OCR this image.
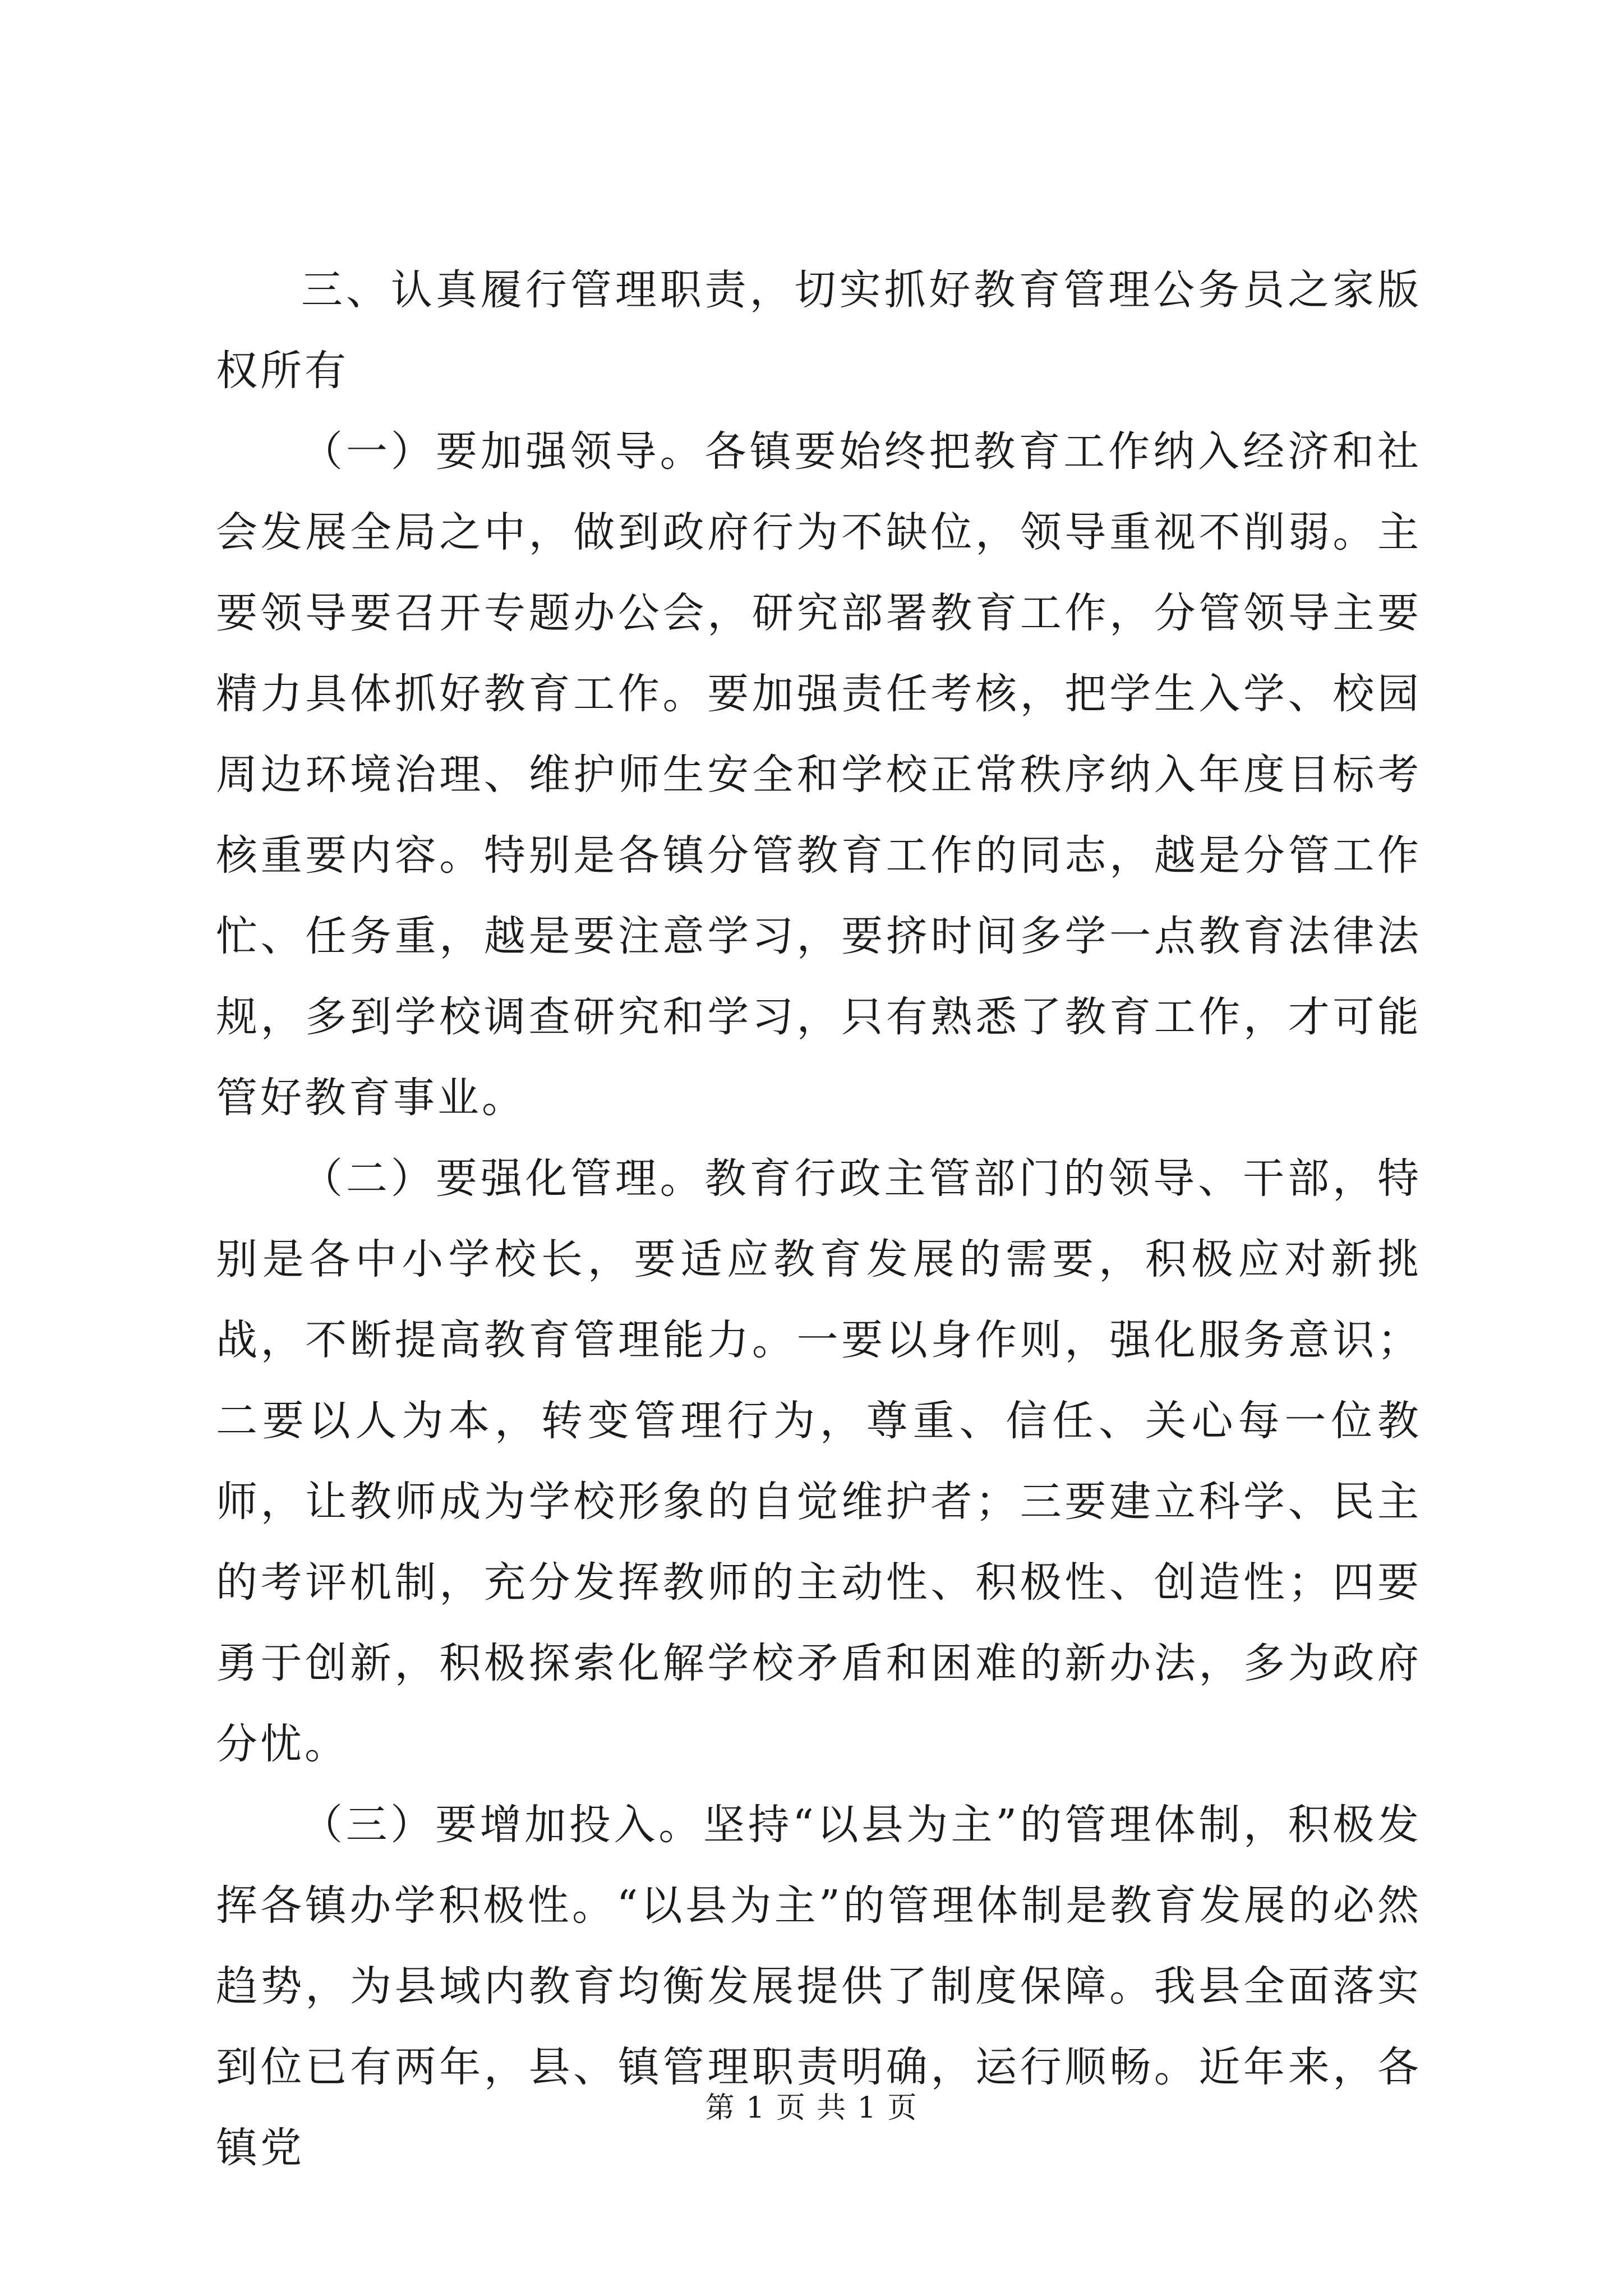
三、认真履行管理职责，切实抓好教育管理公务员之家版权所有

（一）要加强领导。各镇要始终把教育工作纳入经济和社会发展全局之中，做到政府行为不缺位，领导重视不削弱。主要领导要召开专题办公会，研究部署教育工作，分管领导主要精力具体抓好教育工作。要加强责任考核，把学生入学、校园周边环境治理、维护师生安全和学校正常秩序纳入年度目标考核重要内容。特别是各镇分管教育工作的同志，越是分管工作忙、任务重，越是要注意学习，要挤时间多学一点教育法律法规，多到学校调查研究和学习，只有熟悉了教育工作，才可能管好教育事业。

（二）要强化管理。教育行政主管部门的领导、干部，特别是各中小学校长，要适应教育发展的需要，积极应对新挑战，不断提高教育管理能力。一要以身作则，强化服务意识；二要以人为本，转变管理行为，尊重、信任、关心每一位教师，让教师成为学校形象的自觉维护者；三要建立科学、民主的考评机制，充分发挥教师的主动性、积极性、创造性；四要勇于创新，积极探索化解学校矛盾和困难的新办法，多为政府分忧。

（三）要增加投入。坚持“以县为主”的管理体制，积极发挥各镇办学积极性。“以县为主”的管理体制是教育发展的必然趋势，为县域内教育均衡发展提供了制度保障。我县全面落实到位已有两年，县、镇管理职责明确，运行顺畅。近年来，各镇党

第 1 页 共 1 页
